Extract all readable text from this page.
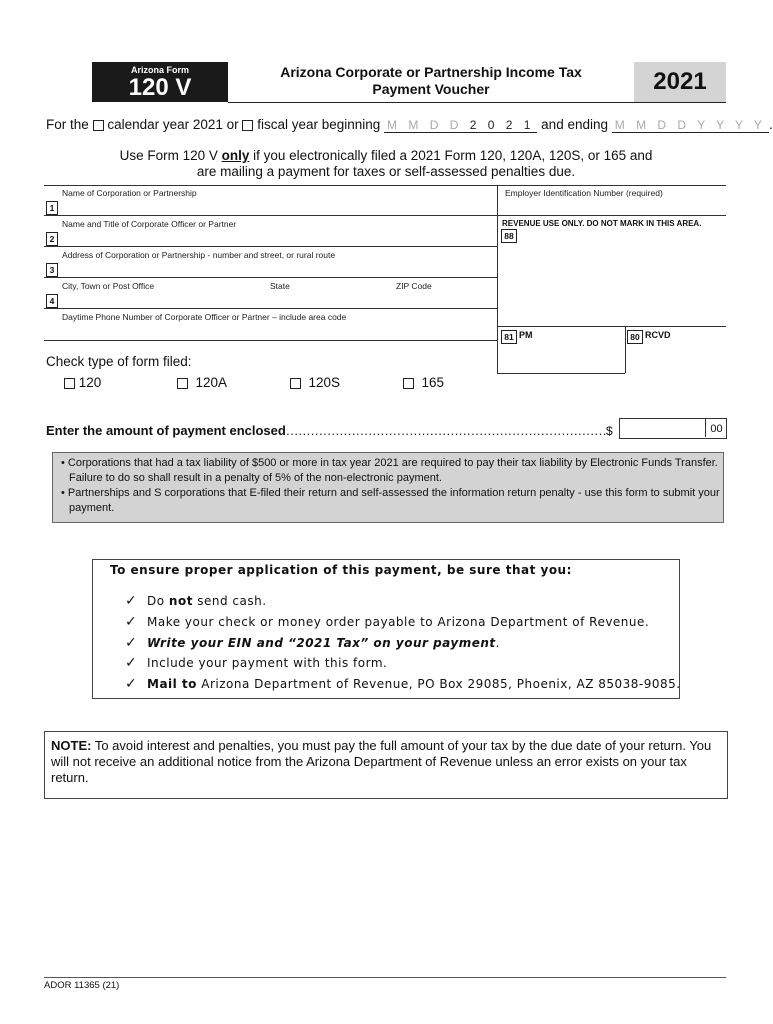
Arizona Form
120 V
Arizona Corporate or Partnership Income Tax
Payment Voucher	2021
For the calendar year 2021 or fiscal year beginning M M D D 2 0 2 1 and ending M M D D Y Y Y Y .
Use Form 120 V only if you electronically filed a 2021 Form 120, 120A, 120S, or 165 and
are mailing a payment for taxes or self-assessed penalties due.
Name of Corporation or Partnership
1
Employer Identification Number (required)
Name and Title of Corporate Officer or Partner
2
REVENUE USE ONLY. DO NOT MARK IN THIS AREA.
88
Address of Corporation or Partnership - number and street, or rural route
3
City, Town or Post Office	State	ZIP Code
4
Daytime Phone Number of Corporate Officer or Partner – include area code
81 PM	80 RCVD
Check type of form filed:
120	120A	120S	165
Enter the amount of payment enclosed
............................................................................... $	00
• Corporations that had a tax liability of $500 or more in tax year 2021 are required to pay their tax liability by Electronic Funds Transfer. Failure to do so shall result in a penalty of 5% of the non-electronic payment.
• Partnerships and S corporations that E-filed their return and self-assessed the information return penalty - use this form to submit your payment.
To ensure proper application of this payment, be sure that you:
✓ Do not send cash.
✓ Make your check or money order payable to Arizona Department of Revenue.
✓ Write your EIN and “2021 Tax” on your payment.
✓ Include your payment with this form.
✓ Mail to Arizona Department of Revenue, PO Box 29085, Phoenix, AZ 85038-9085.
NOTE: To avoid interest and penalties, you must pay the full amount of your tax by the due date of your return. You will not receive an additional notice from the Arizona Department of Revenue unless an error exists on your tax return.
ADOR 11365 (21)
